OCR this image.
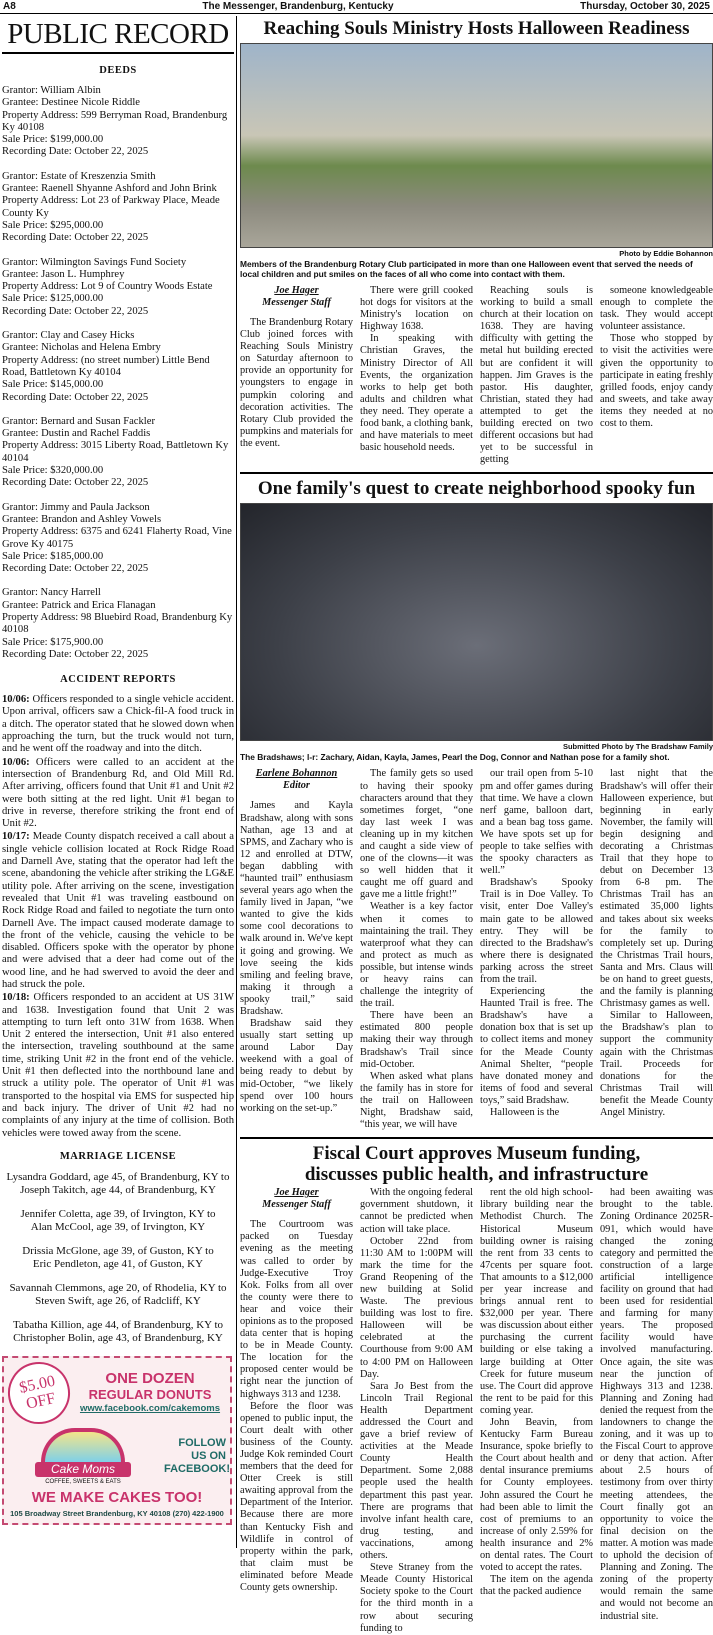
A8	The Messenger, Brandenburg, Kentucky	Thursday, October 30, 2025
PUBLIC RECORD
DEEDS
Grantor: William Albin
Grantee: Destinee Nicole Riddle
Property Address: 599 Berryman Road, Brandenburg Ky 40108
Sale Price: $199,000.00
Recording Date: October 22, 2025
Grantor: Estate of Kreszenzia Smith
Grantee: Raenell Shyanne Ashford and John Brink
Property Address: Lot 23 of Parkway Place, Meade County Ky
Sale Price: $295,000.00
Recording Date: October 22, 2025
Grantor: Wilmington Savings Fund Society
Grantee: Jason L. Humphrey
Property Address: Lot 9 of Country Woods Estate
Sale Price: $125,000.00
Recording Date: October 22, 2025
Grantor: Clay and Casey Hicks
Grantee: Nicholas and Helena Embry
Property Address: (no street number) Little Bend Road, Battletown Ky 40104
Sale Price: $145,000.00
Recording Date: October 22, 2025
Grantor: Bernard and Susan Fackler
Grantee: Dustin and Rachel Faddis
Property Address: 3015 Liberty Road, Battletown Ky 40104
Sale Price: $320,000.00
Recording Date: October 22, 2025
Grantor: Jimmy and Paula Jackson
Grantee: Brandon and Ashley Vowels
Property Address: 6375 and 6241 Flaherty Road, Vine Grove Ky 40175
Sale Price: $185,000.00
Recording Date: October 22, 2025
Grantor: Nancy Harrell
Grantee: Patrick and Erica Flanagan
Property Address: 98 Bluebird Road, Brandenburg Ky 40108
Sale Price: $175,900.00
Recording Date: October 22, 2025
ACCIDENT REPORTS

10/06: Officers responded to a single vehicle accident. Upon arrival, officers saw a Chick-fil-A food truck in a ditch. The operator stated that he slowed down when approaching the turn, but the truck would not turn, and he went off the roadway and into the ditch.

10/06: Officers were called to an accident at the intersection of Brandenburg Rd, and Old Mill Rd. After arriving, officers found that Unit #1 and Unit #2 were both sitting at the red light. Unit #1 began to drive in reverse, therefore striking the front end of Unit #2.

10/17: Meade County dispatch received a call about a single vehicle collision located at Rock Ridge Road and Darnell Ave, stating that the operator had left the scene, abandoning the vehicle after striking the LG&E utility pole. After arriving on the scene, investigation revealed that Unit #1 was traveling eastbound on Rock Ridge Road and failed to negotiate the turn onto Darnell Ave. The impact caused moderate damage to the front of the vehicle, causing the vehicle to be disabled. Officers spoke with the operator by phone and were advised that a deer had come out of the wood line, and he had swerved to avoid the deer and had struck the pole.

10/18: Officers responded to an accident at US 31W and 1638. Investigation found that Unit 2 was attempting to turn left onto 31W from 1638. When Unit 2 entered the intersection, Unit #1 also entered the intersection, traveling southbound at the same time, striking Unit #2 in the front end of the vehicle. Unit #1 then deflected into the northbound lane and struck a utility pole. The operator of Unit #1 was transported to the hospital via EMS for suspected hip and back injury. The driver of Unit #2 had no complaints of any injury at the time of collision. Both vehicles were towed away from the scene.

MARRIAGE LICENSE
Lysandra Goddard, age 45, of Brandenburg, KY to
Joseph Takitch, age 44, of Brandenburg, KY
Jennifer Coletta, age 39, of Irvington, KY to
Alan McCool, age 39, of Irvington, KY
Drissia McGlone, age 39, of Guston, KY to
Eric Pendleton, age 41, of Guston, KY
Savannah Clemmons, age 20, of Rhodelia, KY to
Steven Swift, age 26, of Radcliff, KY
Tabatha Killion, age 44, of Brandenburg, KY to
Christopher Bolin, age 43, of Brandenburg, KY
$5.00 OFF
ONE DOZEN
REGULAR DONUTS
www.facebook.com/cakemoms
Cake Moms
COFFEE, SWEETS & EATS
FOLLOW US ON FACEBOOK!
WE MAKE CAKES TOO!
105 Broadway Street Brandenburg, KY 40108 (270) 422-1900
Reaching Souls Ministry Hosts Halloween Readiness
Photo by Eddie Bohannon
Members of the Brandenburg Rotary Club participated in more than one Halloween event that served the needs of local children and put smiles on the faces of all who come into contact with them.
Joe Hager
Messenger Staff

The Brandenburg Rotary Club joined forces with Reaching Souls Ministry on Saturday afternoon to provide an opportunity for youngsters to engage in pumpkin coloring and decoration activities. The Rotary Club provided the pumpkins and materials for the event.

There were grill cooked hot dogs for visitors at the Ministry's location on Highway 1638.

In speaking with Christian Graves, the Ministry Director of All Events, the organization works to help get both adults and children what they need. They operate a food bank, a clothing bank, and have materials to meet basic household needs.

Reaching souls is working to build a small church at their location on 1638. They are having difficulty with getting the metal hut building erected but are confident it will happen. Jim Graves is the pastor. His daughter, Christian, stated they had attempted to get the building erected on two different occasions but had yet to be successful in getting

someone knowledgeable enough to complete the task. They would accept volunteer assistance.

Those who stopped by to visit the activities were given the opportunity to participate in eating freshly grilled foods, enjoy candy and sweets, and take away items they needed at no cost to them.

One family's quest to create neighborhood spooky fun
Submitted Photo by The Bradshaw Family
The Bradshaws; l-r: Zachary, Aidan, Kayla, James, Pearl the Dog, Connor and Nathan pose for a family shot.
Earlene Bohannon
Editor

James and Kayla Bradshaw, along with sons Nathan, age 13 and at SPMS, and Zachary who is 12 and enrolled at DTW, began dabbling with “haunted trail” enthusiasm several years ago when the family lived in Japan, “we wanted to give the kids some cool decorations to walk around in. We've kept it going and growing. We love seeing the kids smiling and feeling brave, making it through a spooky trail,” said Bradshaw.

Bradshaw said they usually start setting up around Labor Day weekend with a goal of being ready to debut by mid-October, “we likely spend over 100 hours working on the set-up.”

The family gets so used to having their spooky characters around that they sometimes forget, “one day last week I was cleaning up in my kitchen and caught a side view of one of the clowns—it was so well hidden that it caught me off guard and gave me a little fright!”

Weather is a key factor when it comes to maintaining the trail. They waterproof what they can and protect as much as possible, but intense winds or heavy rains can challenge the integrity of the trail.

There have been an estimated 800 people making their way through Bradshaw's Trail since mid-October.

When asked what plans the family has in store for the trail on Halloween Night, Bradshaw said, “this year, we will have

our trail open from 5-10 pm and offer games during that time. We have a clown nerf game, balloon dart, and a bean bag toss game. We have spots set up for people to take selfies with the spooky characters as well.”

Bradshaw's Spooky Trail is in Doe Valley. To visit, enter Doe Valley's main gate to be allowed entry. They will be directed to the Bradshaw's where there is designated parking across the street from the trail.

Experiencing the Haunted Trail is free. The Bradshaw's have a donation box that is set up to collect items and money for the Meade County Animal Shelter, “people have donated money and items of food and several toys,” said Bradshaw.

Halloween is the

last night that the Bradshaw's will offer their Halloween experience, but beginning in early November, the family will begin designing and decorating a Christmas Trail that they hope to debut on December 13 from 6-8 pm. The Christmas Trail has an estimated 35,000 lights and takes about six weeks for the family to completely set up. During the Christmas Trail hours, Santa and Mrs. Claus will be on hand to greet guests, and the family is planning Christmasy games as well.

Similar to Halloween, the Bradshaw's plan to support the community again with the Christmas Trail. Proceeds for donations for the Christmas Trail will benefit the Meade County Angel Ministry.

Fiscal Court approves Museum funding, discusses public health, and infrastructure
Joe Hager
Messenger Staff

The Courtroom was packed on Tuesday evening as the meeting was called to order by Judge-Executive Troy Kok. Folks from all over the county were there to hear and voice their opinions as to the proposed data center that is hoping to be in Meade County. The location for the proposed center would be right near the junction of highways 313 and 1238.

Before the floor was opened to public input, the Court dealt with other business of the County. Judge Kok reminded Court members that the deed for Otter Creek is still awaiting approval from the Department of the Interior. Because there are more than Kentucky Fish and Wildlife in control of property within the park, that claim must be eliminated before Meade County gets ownership.

With the ongoing federal government shutdown, it cannot be predicted when action will take place.

October 22nd from 11:30 AM to 1:00PM will mark the time for the Grand Reopening of the new building at Solid Waste. The previous building was lost to fire. Halloween will be celebrated at the Courthouse from 9:00 AM to 4:00 PM on Halloween Day.

Sara Jo Best from the Lincoln Trail Regional Health Department addressed the Court and gave a brief review of activities at the Meade County Health Department. Some 2,088 people used the health department this past year. There are programs that involve infant health care, drug testing, and vaccinations, among others.

Steve Straney from the Meade County Historical Society spoke to the Court for the third month in a row about securing funding to

rent the old high school-library building near the Methodist Church. The Historical Museum building owner is raising the rent from 33 cents to 47cents per square foot. That amounts to a $12,000 per year increase and brings annual rent to $32,000 per year. There was discussion about either purchasing the current building or else taking a large building at Otter Creek for future museum use. The Court did approve the rent to be paid for this coming year.

John Beavin, from Kentucky Farm Bureau Insurance, spoke briefly to the Court about health and dental insurance premiums for County employees. John assured the Court he had been able to limit the cost of premiums to an increase of only 2.59% for health insurance and 2% on dental rates. The Court voted to accept the rates.

The item on the agenda that the packed audience

had been awaiting was brought to the table. Zoning Ordinance 2025R-091, which would have changed the zoning category and permitted the construction of a large artificial intelligence facility on ground that had been used for residential and farming for many years. The proposed facility would have involved manufacturing. Once again, the site was near the junction of Highways 313 and 1238. Planning and Zoning had denied the request from the landowners to change the zoning, and it was up to the Fiscal Court to approve or deny that action. After about 2.5 hours of testimony from over thirty meeting attendees, the Court finally got an opportunity to voice the final decision on the matter. A motion was made to uphold the decision of Planning and Zoning. The zoning of the property would remain the same and would not become an industrial site.
